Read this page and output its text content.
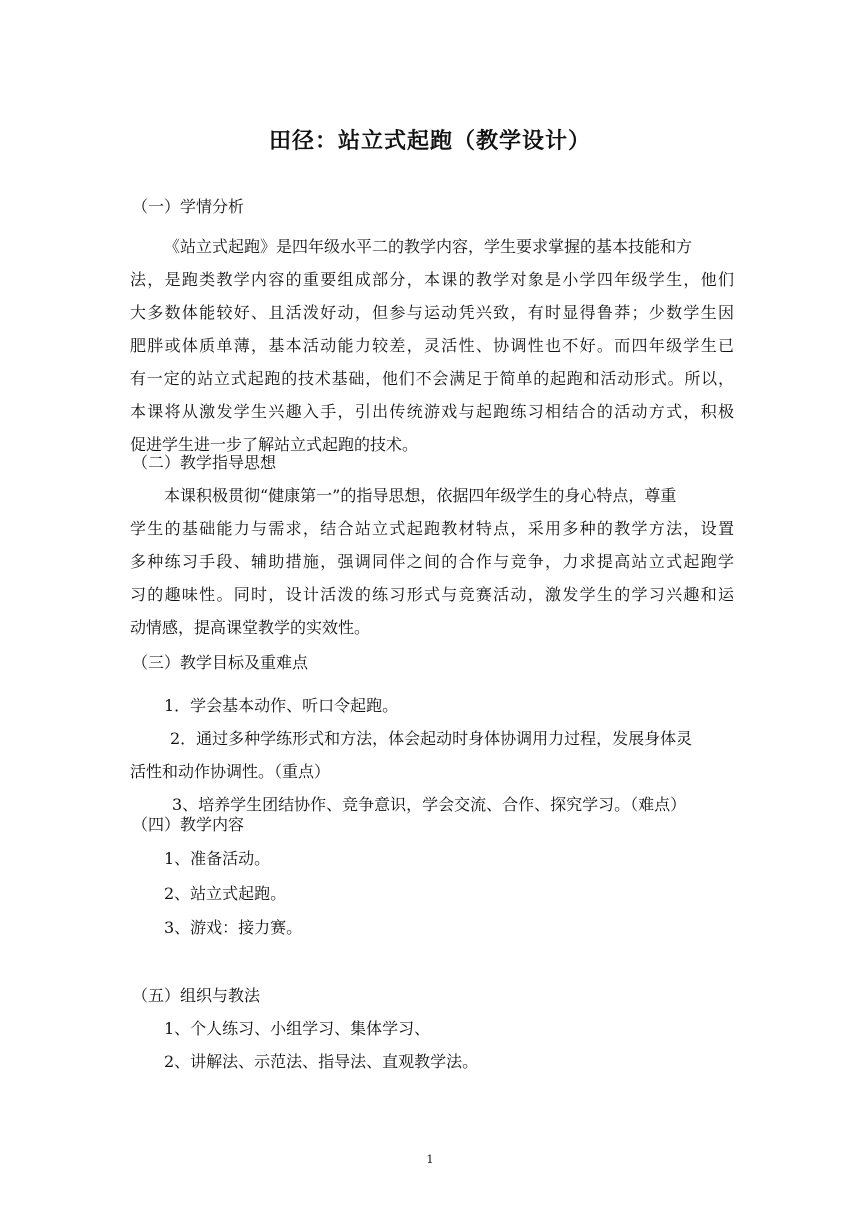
田径：站立式起跑（教学设计）
（一）学情分析
《站立式起跑》是四年级水平二的教学内容，学生要求掌握的基本技能和方
法，是跑类教学内容的重要组成部分，本课的教学对象是小学四年级学生，他们
大多数体能较好、且活泼好动，但参与运动凭兴致，有时显得鲁莽；少数学生因
肥胖或体质单薄，基本活动能力较差，灵活性、协调性也不好。而四年级学生已
有一定的站立式起跑的技术基础，他们不会满足于简单的起跑和活动形式。所以，
本课将从激发学生兴趣入手，引出传统游戏与起跑练习相结合的活动方式，积极
促进学生进一步了解站立式起跑的技术。
（二）教学指导思想
本课积极贯彻“健康第一”的指导思想，依据四年级学生的身心特点，尊重
学生的基础能力与需求，结合站立式起跑教材特点，采用多种的教学方法，设置
多种练习手段、辅助措施，强调同伴之间的合作与竞争，力求提高站立式起跑学
习的趣味性。同时，设计活泼的练习形式与竞赛活动，激发学生的学习兴趣和运
动情感，提高课堂教学的实效性。
（三）教学目标及重难点
1．学会基本动作、听口令起跑。
2．通过多种学练形式和方法，体会起动时身体协调用力过程，发展身体灵
活性和动作协调性。（重点）
3、培养学生团结协作、竞争意识，学会交流、合作、探究学习。（难点）
（四）教学内容
1、准备活动。
2、站立式起跑。
3、游戏：接力赛。
（五）组织与教法
1、个人练习、小组学习、集体学习、
2、讲解法、示范法、指导法、直观教学法。
1
